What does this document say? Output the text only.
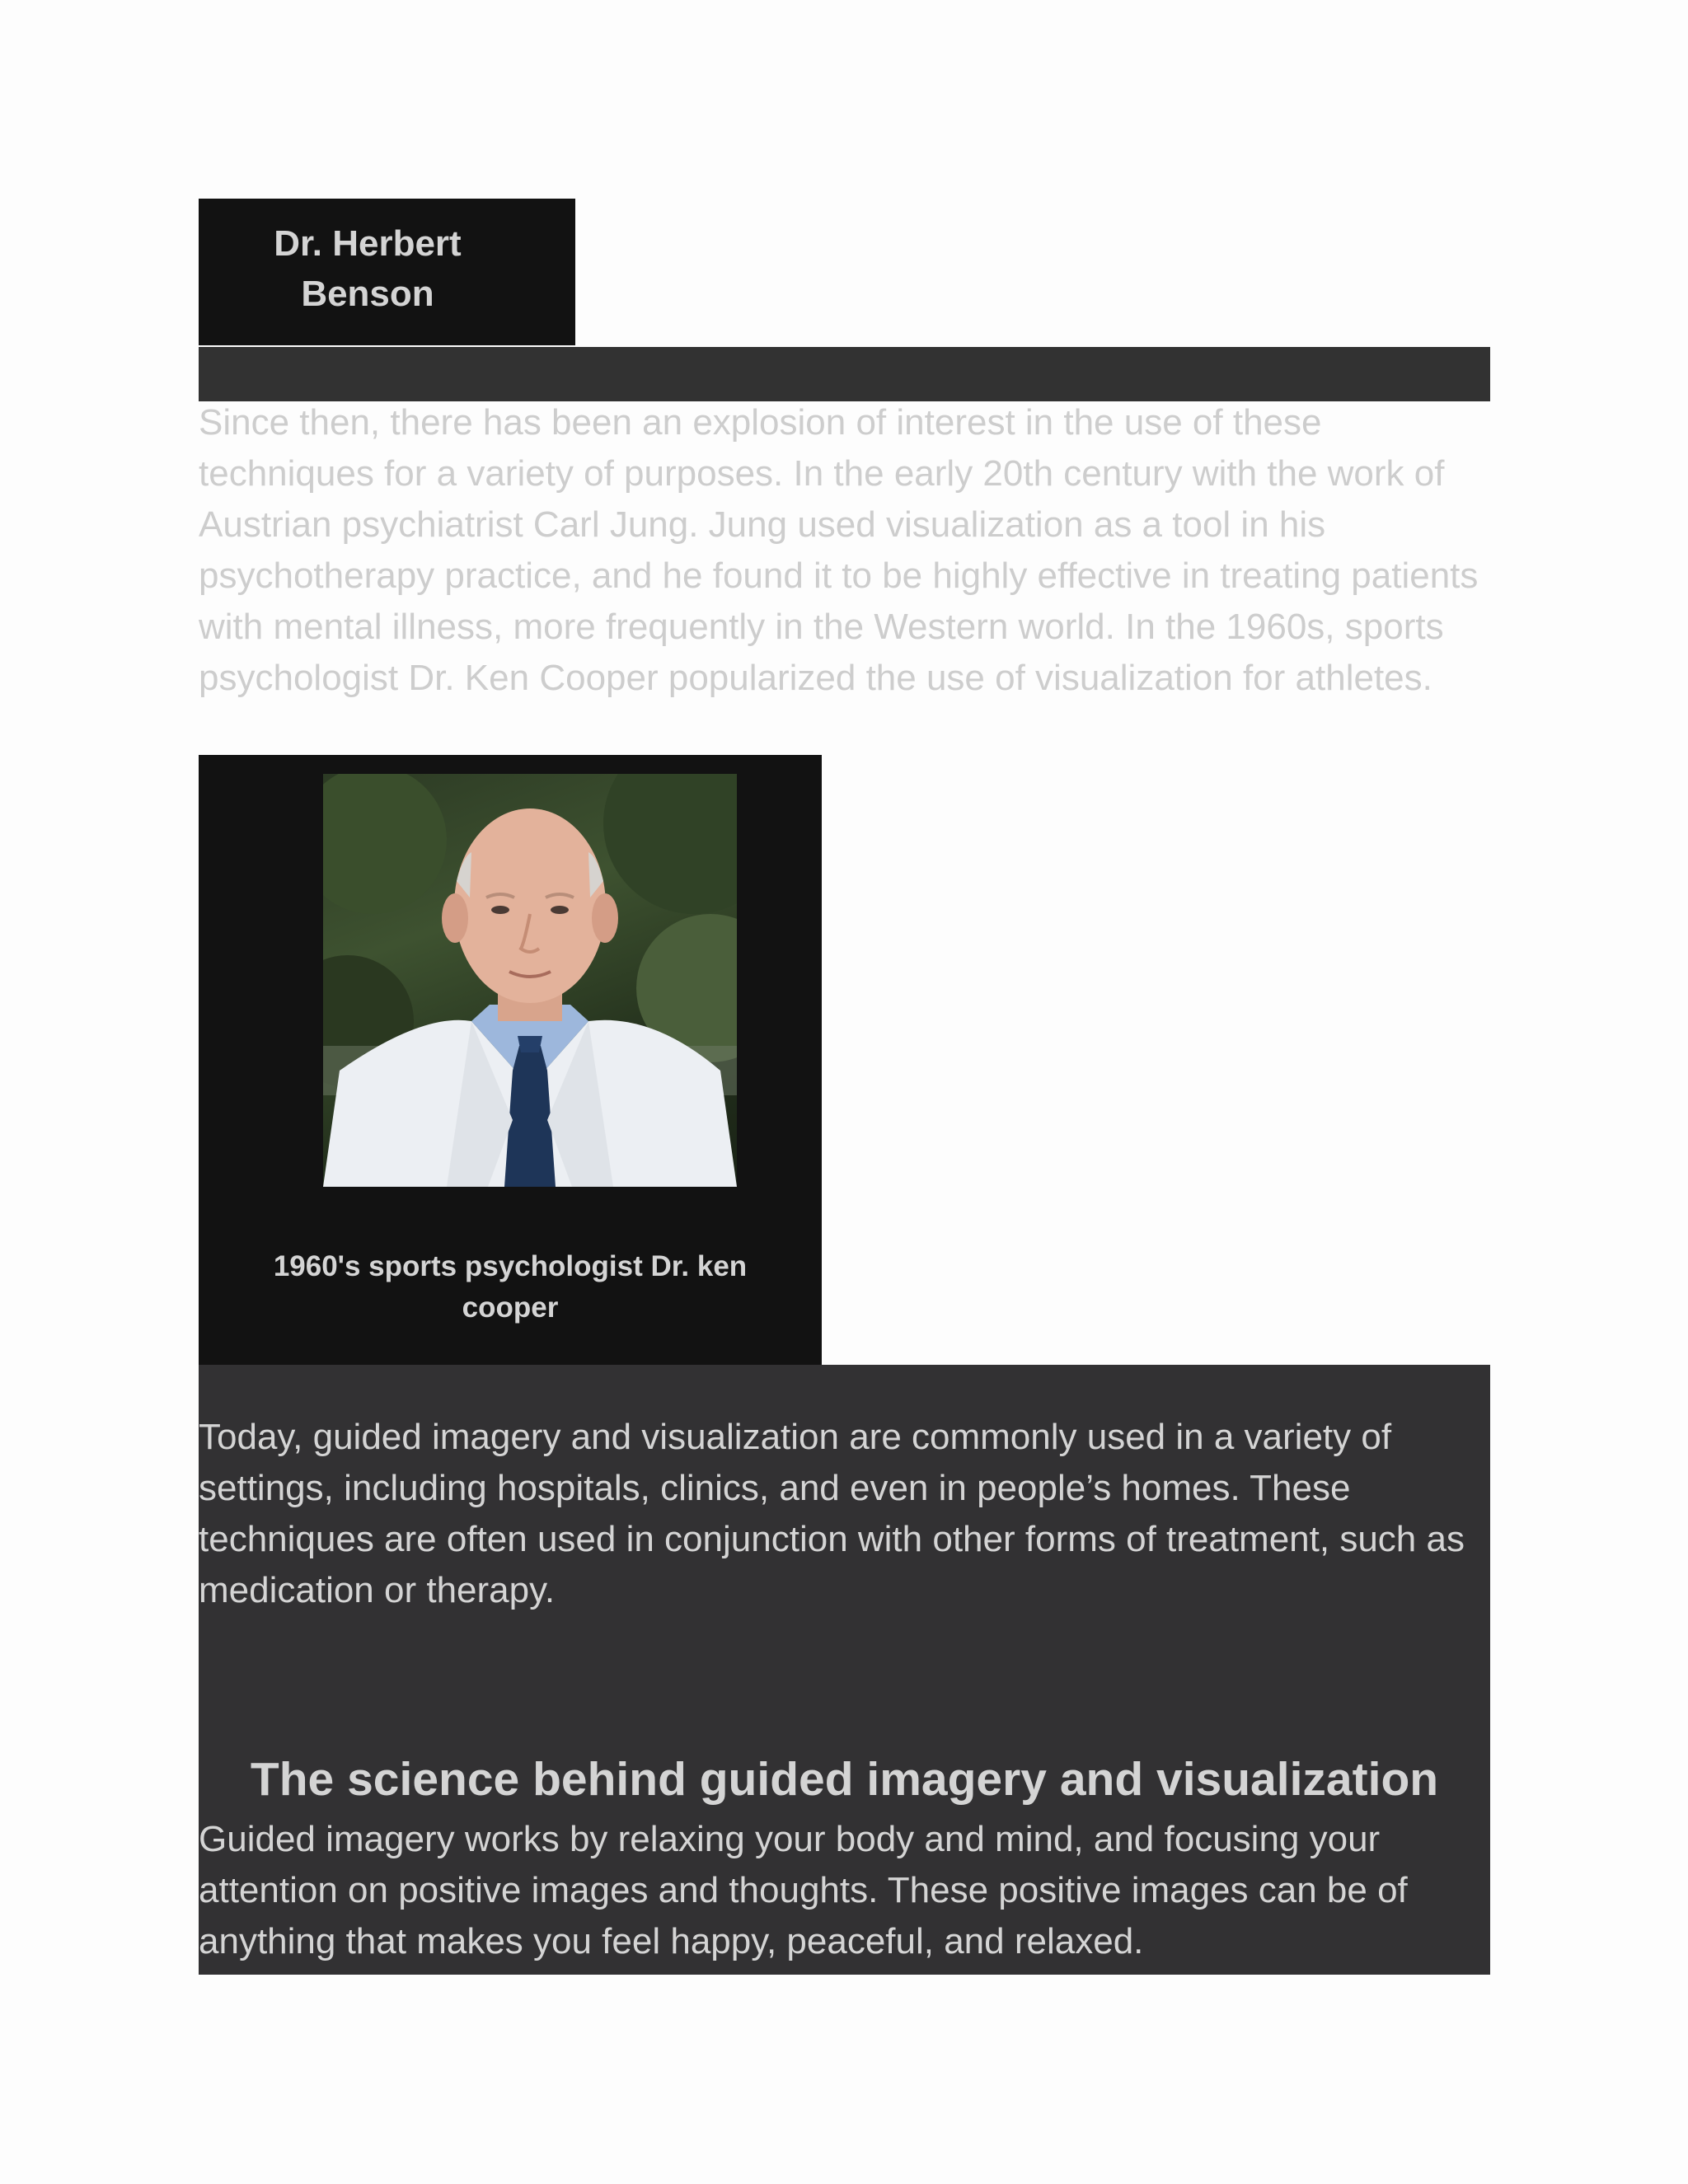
Dr. Herbert
Benson

Since then, there has been an explosion of interest in the use of these techniques for a variety of purposes. In the early 20th century with the work of Austrian psychiatrist Carl Jung. Jung used visualization as a tool in his psychotherapy practice, and he found it to be highly effective in treating patients with mental illness, more frequently in the Western world. In the 1960s, sports psychologist Dr. Ken Cooper popularized the use of visualization for athletes.

1960's sports psychologist Dr. ken cooper

Today, guided imagery and visualization are commonly used in a variety of settings, including hospitals, clinics, and even in people’s homes. These techniques are often used in conjunction with other forms of treatment, such as medication or therapy.

The science behind guided imagery and visualization

Guided imagery works by relaxing your body and mind, and focusing your attention on positive images and thoughts. These positive images can be of anything that makes you feel happy, peaceful, and relaxed.
